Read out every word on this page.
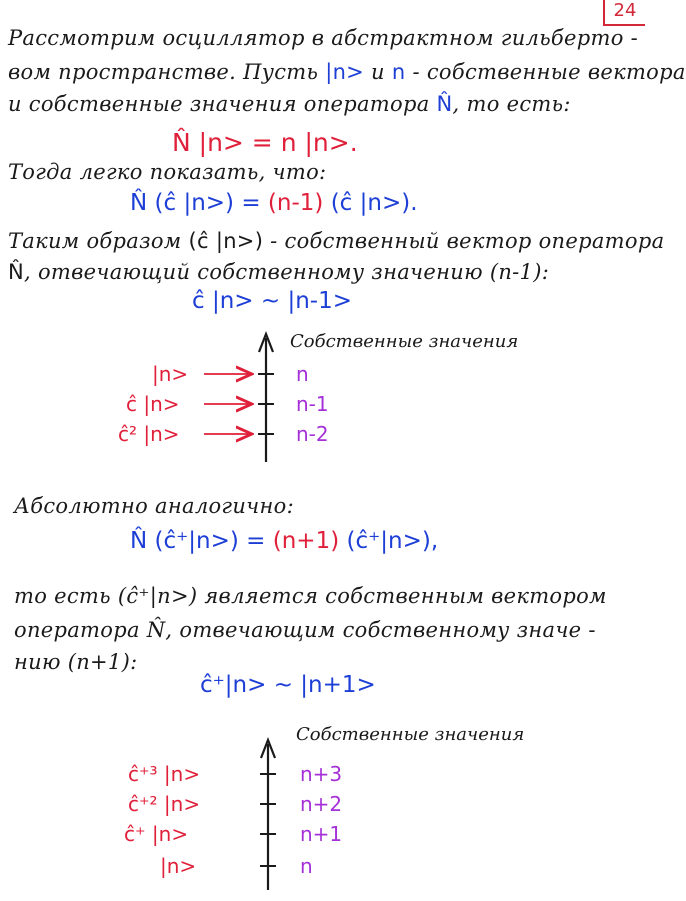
24
Рассмотрим осциллятор в абстрактном гильберто -
вом пространстве. Пусть |n> и n - собственные вектора
и собственные значения оператора N̂, то есть:
N̂ |n> = n |n>.
Тогда легко показать, что:
N̂ (ĉ |n>) = (n-1) (ĉ |n>).
Таким образом (ĉ |n>) - собственный вектор оператора
N̂, отвечающий собственному значению (n-1):
ĉ |n> ~ |n-1>
Собственные значения
|n>
ĉ |n>
ĉ² |n>
n
n-1
n-2
Абсолютно аналогично:
N̂ (ĉ⁺|n>) = (n+1) (ĉ⁺|n>),
то есть (ĉ⁺|n>) является собственным вектором
оператора N̂, отвечающим собственному значе -
нию (n+1):
ĉ⁺|n> ~ |n+1>
Собственные значения
ĉ⁺³ |n>
ĉ⁺² |n>
ĉ⁺ |n>
|n>
n+3
n+2
n+1
n
